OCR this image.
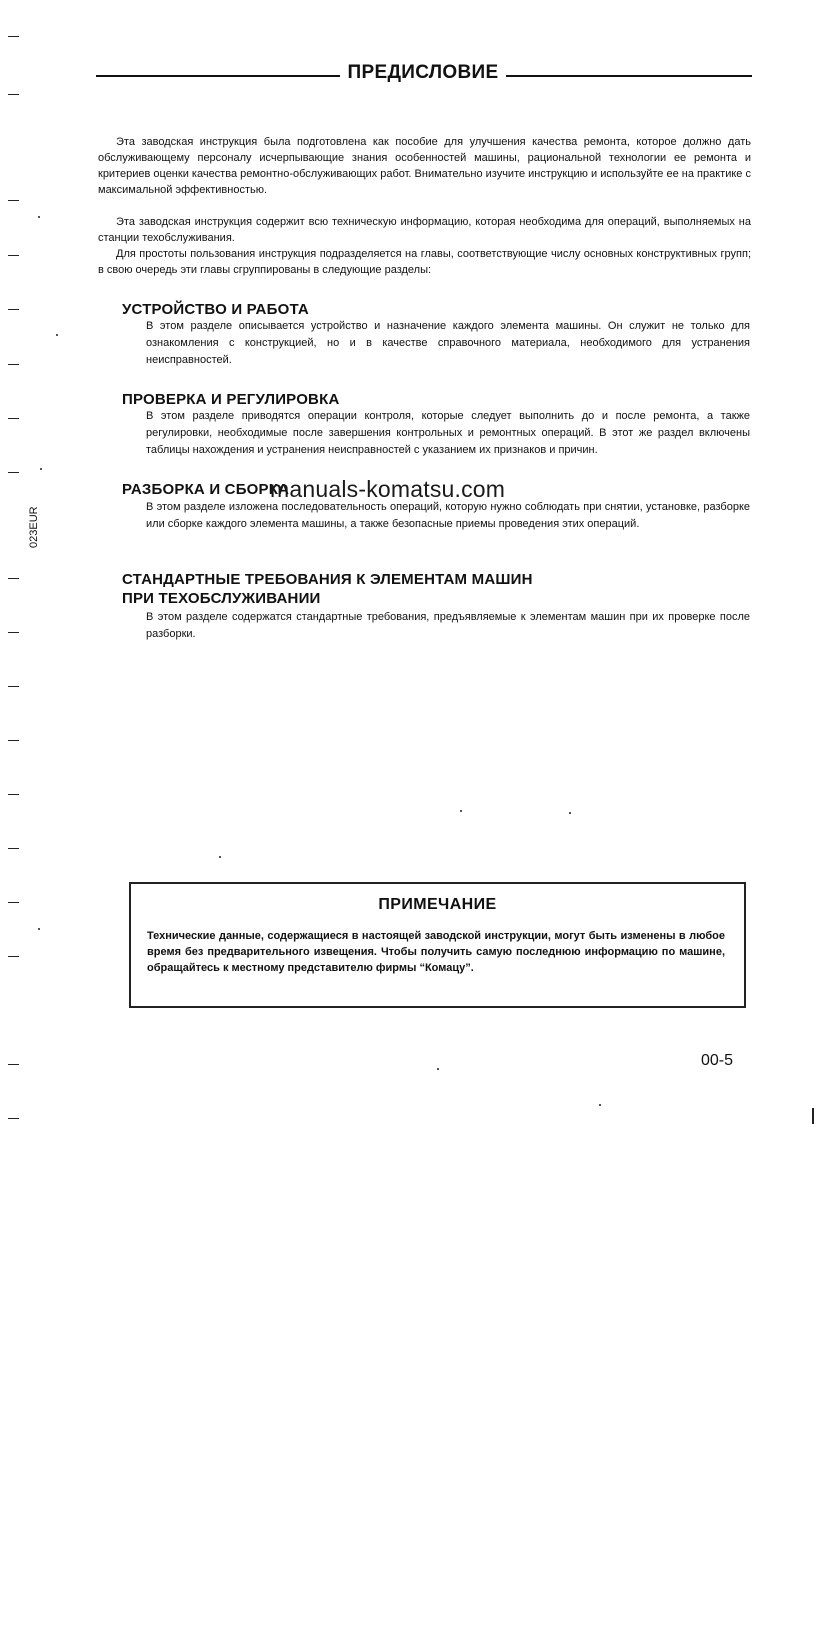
ПРЕДИСЛОВИЕ

Эта заводская инструкция была подготовлена как пособие для улучшения качества ремонта, которое должно дать обслуживающему персоналу исчерпывающие знания особенностей машины, рациональной технологии ее ремонта и критериев оценки качества ремонтно-обслуживающих работ. Внимательно изучите инструкцию и используйте ее на практике с максимальной эффективностью.

Эта заводская инструкция содержит всю техническую информацию, которая необходима для операций, выполняемых на станции техобслуживания.

Для простоты пользования инструкция подразделяется на главы, соответствующие числу основных конструктивных групп; в свою очередь эти главы сгруппированы в следующие разделы:

УСТРОЙСТВО И РАБОТА

В этом разделе описывается устройство и назначение каждого элемента машины. Он служит не только для ознакомления с конструкцией, но и в качестве справочного материала, необходимого для устранения неисправностей.

ПРОВЕРКА И РЕГУЛИРОВКА

В этом разделе приводятся операции контроля, которые следует выполнить до и после ремонта, а также регулировки, необходимые после завершения контрольных и ремонтных операций. В этот же раздел включены таблицы нахождения и устранения неисправностей с указанием их признаков и причин.

РАЗБОРКА И СБОРКА

В этом разделе изложена последовательность операций, которую нужно соблюдать при снятии, установке, разборке или сборке каждого элемента машины, а также безопасные приемы проведения этих операций.

СТАНДАРТНЫЕ ТРЕБОВАНИЯ К ЭЛЕМЕНТАМ МАШИН
ПРИ ТЕХОБСЛУЖИВАНИИ

В этом разделе содержатся стандартные требования, предъявляемые к элементам машин при их проверке после разборки.

manuals-komatsu.com
ПРИМЕЧАНИЕ

Технические данные, содержащиеся в настоящей заводской инструкции, могут быть изменены в любое время без предварительного извещения. Чтобы получить самую последнюю информацию по машине, обращайтесь к местному представителю фирмы “Комацу”.

00-5
023EUR
